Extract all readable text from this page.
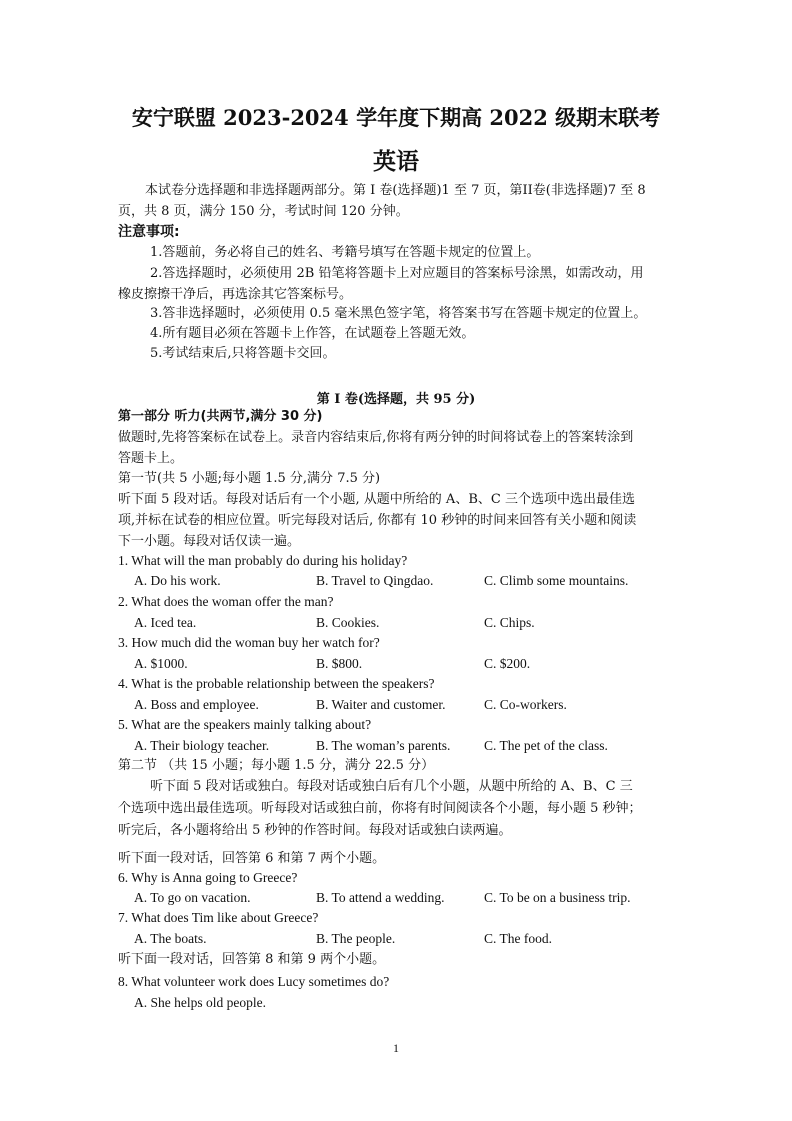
安宁联盟 2023-2024 学年度下期高 2022 级期末联考
英语
本试卷分选择题和非选择题两部分。第 I 卷(选择题)1 至 7 页，第II卷(非选择题)7 至 8
页，共 8 页，满分 150 分，考试时间 120 分钟。
注意事项:
1.答题前，务必将自己的姓名、考籍号填写在答题卡规定的位置上。
2.答选择题时，必须使用 2B 铅笔将答题卡上对应题目的答案标号涂黑，如需改动，用
橡皮擦擦干净后，再选涂其它答案标号。
3.答非选择题时，必须使用 0.5 毫米黑色签字笔，将答案书写在答题卡规定的位置上。
4.所有题目必须在答题卡上作答，在试题卷上答题无效。
5.考试结束后,只将答题卡交回。
第 I 卷(选择题，共 95 分)
第一部分 听力(共两节,满分 30 分)
做题时,先将答案标在试卷上。录音内容结束后,你将有两分钟的时间将试卷上的答案转涂到
答题卡上。
第一节(共 5 小题;每小题 1.5 分,满分 7.5 分)
听下面 5 段对话。每段对话后有一个小题, 从题中所给的 A、B、C 三个选项中选出最佳选
项,并标在试卷的相应位置。听完每段对话后, 你都有 10 秒钟的时间来回答有关小题和阅读
下一小题。每段对话仅读一遍。
1. What will the man probably do during his holiday?
A. Do his work.	B. Travel to Qingdao.	C. Climb some mountains.
2. What does the woman offer the man?
A. Iced tea.	B. Cookies.	C. Chips.
3. How much did the woman buy her watch for?
A. $1000.	B. $800.	C. $200.
4. What is the probable relationship between the speakers?
A. Boss and employee.	B. Waiter and customer.	C. Co-workers.
5. What are the speakers mainly talking about?
A. Their biology teacher.	B. The woman’s parents. C. The pet of the class.
第二节 （共 15 小题；每小题 1.5 分，满分 22.5 分）
听下面 5 段对话或独白。每段对话或独白后有几个小题，从题中所给的 A、B、C 三
个选项中选出最佳选项。听每段对话或独白前，你将有时间阅读各个小题，每小题 5 秒钟；
听完后，各小题将给出 5 秒钟的作答时间。每段对话或独白读两遍。
听下面一段对话，回答第 6 和第 7 两个小题。
6. Why is Anna going to Greece?
A. To go on vacation.	B. To attend a wedding.	C. To be on a business trip.
7. What does Tim like about Greece?
A. The boats.	B. The people.	C. The food.
听下面一段对话，回答第 8 和第 9 两个小题。
8. What volunteer work does Lucy sometimes do?
A. She helps old people.
1
